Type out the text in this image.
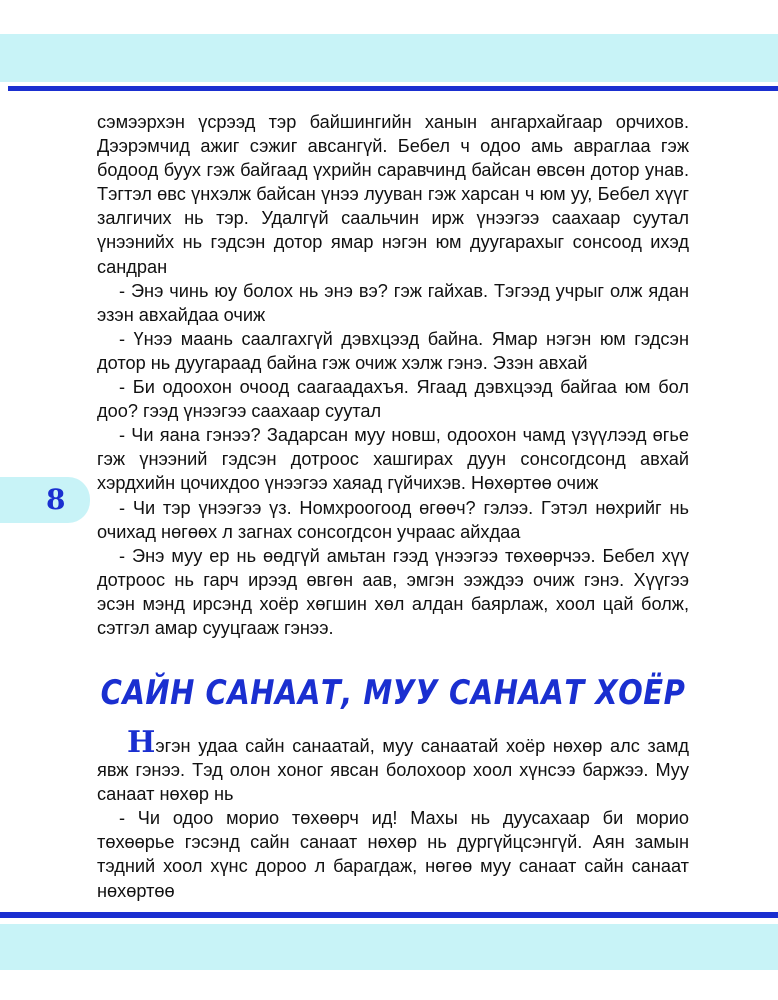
8

сэмээрхэн үсрээд тэр байшингийн ханын ангархайгаар орчихов. Дээрэмчид ажиг сэжиг авсангүй. Бебел ч одоо амь авраглаа гэж бодоод буух гэж байгаад үхрийн саравчинд байсан өвсөн дотор унав. Тэгтэл өвс үнхэлж байсан үнээ лууван гэж харсан ч юм уу, Бебел хүүг залгичих нь тэр. Удалгүй саальчин ирж үнээгээ саахаар суутал үнээнийх нь гэдсэн дотор ямар нэгэн юм дуугарахыг сонсоод ихэд сандран

- Энэ чинь юу болох нь энэ вэ? гэж гайхав. Тэгээд учрыг олж ядан эзэн авхайдаа очиж

- Үнээ маань саалгахгүй дэвхцээд байна. Ямар нэгэн юм гэдсэн дотор нь дуугараад байна гэж очиж хэлж гэнэ. Эзэн авхай

- Би одоохон очоод саагаадахъя. Ягаад дэвхцээд байгаа юм бол доо? гээд үнээгээ саахаар суутал

- Чи яана гэнээ? Задарсан муу новш, одоохон чамд үзүүлээд өгье гэж үнээний гэдсэн дотроос хашгирах дуун сонсогдсонд авхай хэрдхийн цочихдоо үнээгээ хаяад гүйчихэв. Нөхөртөө очиж

- Чи тэр үнээгээ үз. Номхроогоод өгөөч? гэлээ. Гэтэл нөхрийг нь очихад нөгөөх л загнах сонсогдсон учраас айхдаа

- Энэ муу ер нь өөдгүй амьтан гээд үнээгээ төхөөрчээ. Бебел хүү дотроос нь гарч ирээд өвгөн аав, эмгэн ээждээ очиж гэнэ. Хүүгээ эсэн мэнд ирсэнд хоёр хөгшин хөл алдан баярлаж, хоол цай болж, сэтгэл амар сууцгааж гэнээ.

САЙН САНААТ, МУУ САНААТ ХОЁР

Нэгэн удаа сайн санаатай, муу санаатай хоёр нөхөр алс замд явж гэнээ. Тэд олон хоног явсан болохоор хоол хүнсээ баржээ. Муу санаат нөхөр нь

- Чи одоо морио төхөөрч ид! Махы нь дуусахаар би морио төхөөрье гэсэнд сайн санаат нөхөр нь дургүйцсэнгүй. Аян замын тэдний хоол хүнс дороо л барагдаж, нөгөө муу санаат сайн санаат нөхөртөө
